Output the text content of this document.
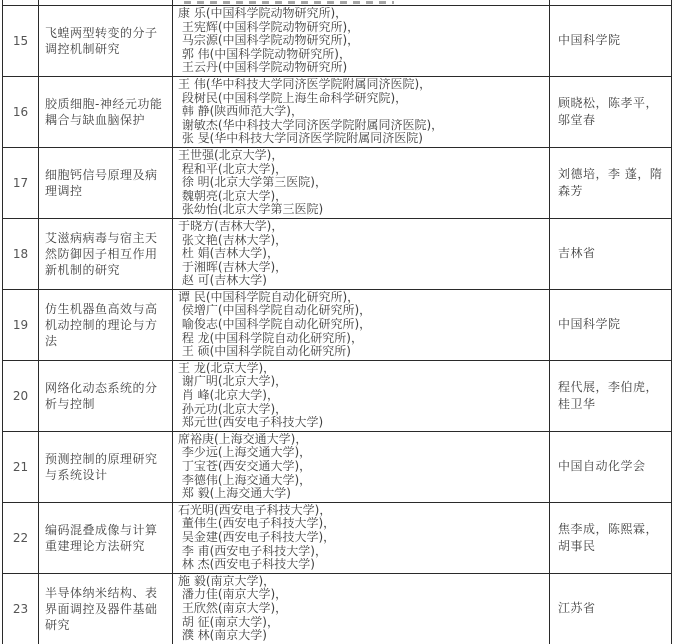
15
飞蝗两型转变的分子调控机制研究
康 乐(中国科学院动物研究所)，
王宪辉(中国科学院动物研究所)，
马宗源(中国科学院动物研究所)，
郭 伟(中国科学院动物研究所)，
王云丹(中国科学院动物研究所)
中国科学院
16
胶质细胞-神经元功能耦合与缺血脑保护
王 伟(华中科技大学同济医学院附属同济医院)，
段树民(中国科学院上海生命科学研究院)，
韩 静(陕西师范大学)，
谢敏杰(华中科技大学同济医学院附属同济医院)，
张 旻(华中科技大学同济医学院附属同济医院)
顾晓松，陈孝平，邬堂春
17
细胞钙信号原理及病理调控
王世强(北京大学)，
程和平(北京大学)，
徐 明(北京大学第三医院)，
魏朝亮(北京大学)，
张幼怡(北京大学第三医院)
刘德培，李 蓬，隋森芳
18
艾滋病病毒与宿主天然防御因子相互作用新机制的研究
于晓方(吉林大学)，
张文艳(吉林大学)，
杜 娟(吉林大学)，
于湘晖(吉林大学)，
赵 可(吉林大学)
吉林省
19
仿生机器鱼高效与高机动控制的理论与方法
谭 民(中国科学院自动化研究所)，
侯增广(中国科学院自动化研究所)，
喻俊志(中国科学院自动化研究所)，
程 龙(中国科学院自动化研究所)，
王 硕(中国科学院自动化研究所)
中国科学院
20
网络化动态系统的分析与控制
王 龙(北京大学)，
谢广明(北京大学)，
肖 峰(北京大学)，
孙元功(北京大学)，
郑元世(西安电子科技大学)
程代展，李伯虎，桂卫华
21
预测控制的原理研究与系统设计
席裕庚(上海交通大学)，
李少远(上海交通大学)，
丁宝苍(西安交通大学)，
李德伟(上海交通大学)，
郑 毅(上海交通大学)
中国自动化学会
22
编码混叠成像与计算重建理论方法研究
石光明(西安电子科技大学)，
董伟生(西安电子科技大学)，
吴金建(西安电子科技大学)，
李 甫(西安电子科技大学)，
林 杰(西安电子科技大学)
焦李成，陈熙霖，胡事民
23
半导体纳米结构、表界面调控及器件基础研究
施 毅(南京大学)，
潘力佳(南京大学)，
王欣然(南京大学)，
胡 征(南京大学)，
濮 林(南京大学)
江苏省
